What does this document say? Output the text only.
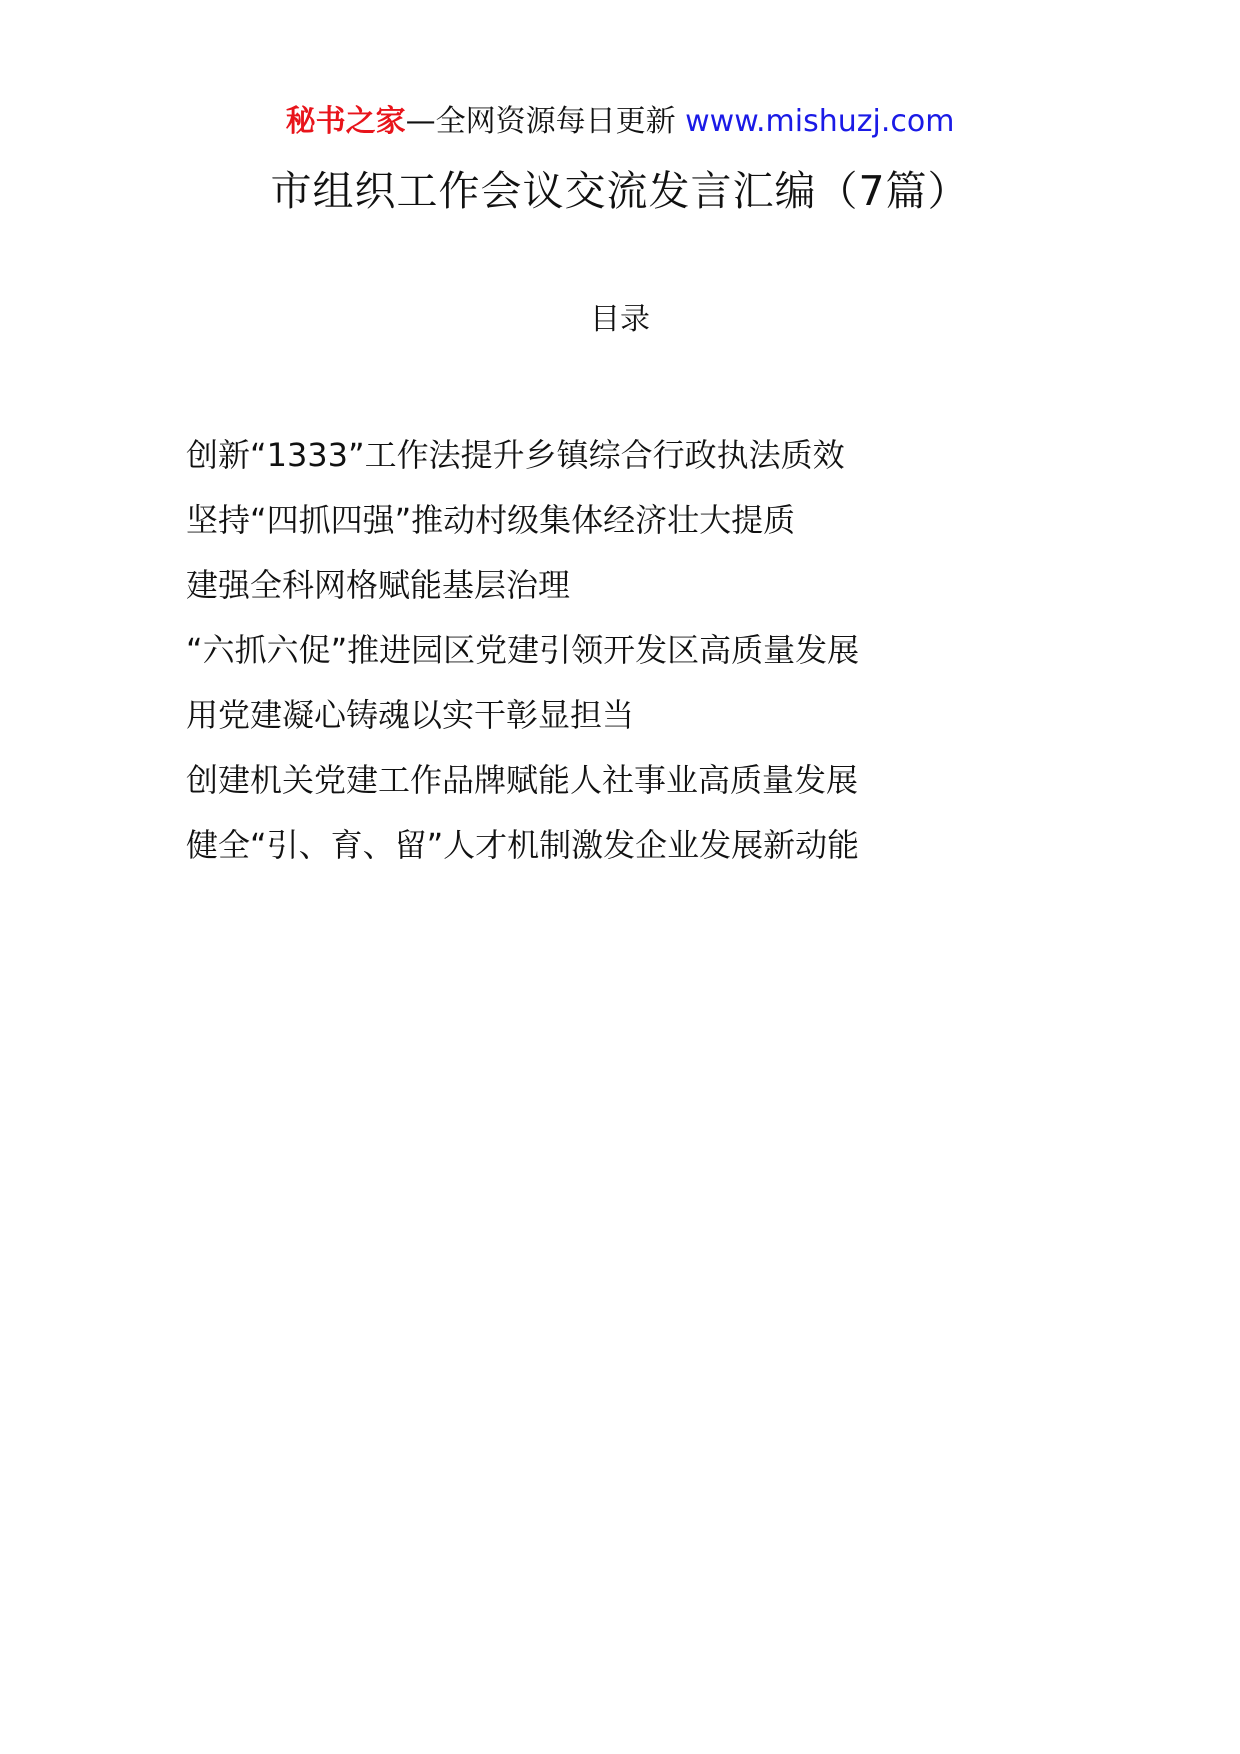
秘书之家—全网资源每日更新 www.mishuzj.com
市组织工作会议交流发言汇编（7篇）
目录
创新“1333”工作法提升乡镇综合行政执法质效
坚持“四抓四强”推动村级集体经济壮大提质
建强全科网格赋能基层治理
“六抓六促”推进园区党建引领开发区高质量发展
用党建凝心铸魂以实干彰显担当
创建机关党建工作品牌赋能人社事业高质量发展
健全“引、育、留”人才机制激发企业发展新动能
